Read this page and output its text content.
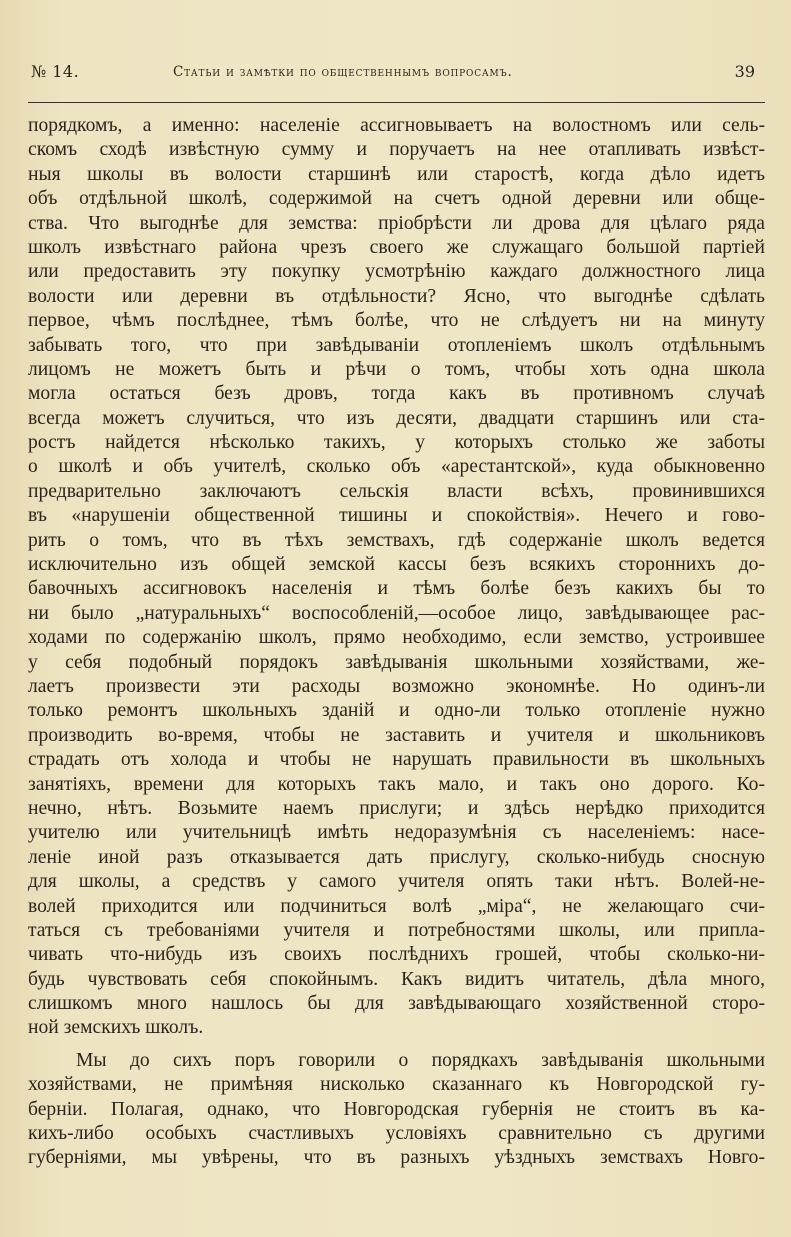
№ 14.	Статьи и замѣтки по общественнымъ вопросамъ.	39
порядкомъ, а именно: населеніе ассигновываетъ на волостномъ или сель-
скомъ сходѣ извѣстную сумму и поручаетъ на нее отапливать извѣст-
ныя школы въ волости старшинѣ или старостѣ, когда дѣло идетъ
объ отдѣльной школѣ, содержимой на счетъ одной деревни или обще-
ства. Что выгоднѣе для земства: пріобрѣсти ли дрова для цѣлаго ряда
школъ извѣстнаго района чрезъ своего же служащаго большой партіей
или предоставить эту покупку усмотрѣнію каждаго должностного лица
волости или деревни въ отдѣльности? Ясно, что выгоднѣе сдѣлать
первое, чѣмъ послѣднее, тѣмъ болѣе, что не слѣдуетъ ни на минуту
забывать того, что при завѣдываніи отопленіемъ школъ отдѣльнымъ
лицомъ не можетъ быть и рѣчи о томъ, чтобы хоть одна школа
могла остаться безъ дровъ, тогда какъ въ противномъ случаѣ
всегда можетъ случиться, что изъ десяти, двадцати старшинъ или ста-
ростъ найдется нѣсколько такихъ, у которыхъ столько же заботы
о школѣ и объ учителѣ, сколько объ «арестантской», куда обыкновенно
предварительно заключаютъ сельскія власти всѣхъ, провинившихся
въ «нарушеніи общественной тишины и спокойствія». Нечего и гово-
рить о томъ, что въ тѣхъ земствахъ, гдѣ содержаніе школъ ведется
исключительно изъ общей земской кассы безъ всякихъ стороннихъ до-
бавочныхъ ассигновокъ населенія и тѣмъ болѣе безъ какихъ бы то
ни было „натуральныхъ“ воспособленій,—особое лицо, завѣдывающее рас-
ходами по содержанію школъ, прямо необходимо, если земство, устроившее
у себя подобный порядокъ завѣдыванія школьными хозяйствами, же-
лаетъ произвести эти расходы возможно экономнѣе. Но одинъ-ли
только ремонтъ школьныхъ зданій и одно-ли только отопленіе нужно
производить во-время, чтобы не заставить и учителя и школьниковъ
страдать отъ холода и чтобы не нарушать правильности въ школьныхъ
занятіяхъ, времени для которыхъ такъ мало, и такъ оно дорого. Ко-
нечно, нѣтъ. Возьмите наемъ прислуги; и здѣсь нерѣдко приходится
учителю или учительницѣ имѣть недоразумѣнія съ населеніемъ: насе-
леніе иной разъ отказывается дать прислугу, сколько-нибудь сносную
для школы, а средствъ у самого учителя опять таки нѣтъ. Волей-не-
волей приходится или подчиниться волѣ „міра“, не желающаго счи-
таться съ требованіями учителя и потребностями школы, или припла-
чивать что-нибудь изъ своихъ послѣднихъ грошей, чтобы сколько-ни-
будь чувствовать себя спокойнымъ. Какъ видитъ читатель, дѣла много,
слишкомъ много нашлось бы для завѣдывающаго хозяйственной сторо-
ной земскихъ школъ.
Мы до сихъ поръ говорили о порядкахъ завѣдыванія школьными
хозяйствами, не примѣняя нисколько сказаннаго къ Новгородской гу-
берніи. Полагая, однако, что Новгородская губернія не стоитъ въ ка-
кихъ-либо особыхъ счастливыхъ условіяхъ сравнительно съ другими
губерніями, мы увѣрены, что въ разныхъ уѣздныхъ земствахъ Новго-
